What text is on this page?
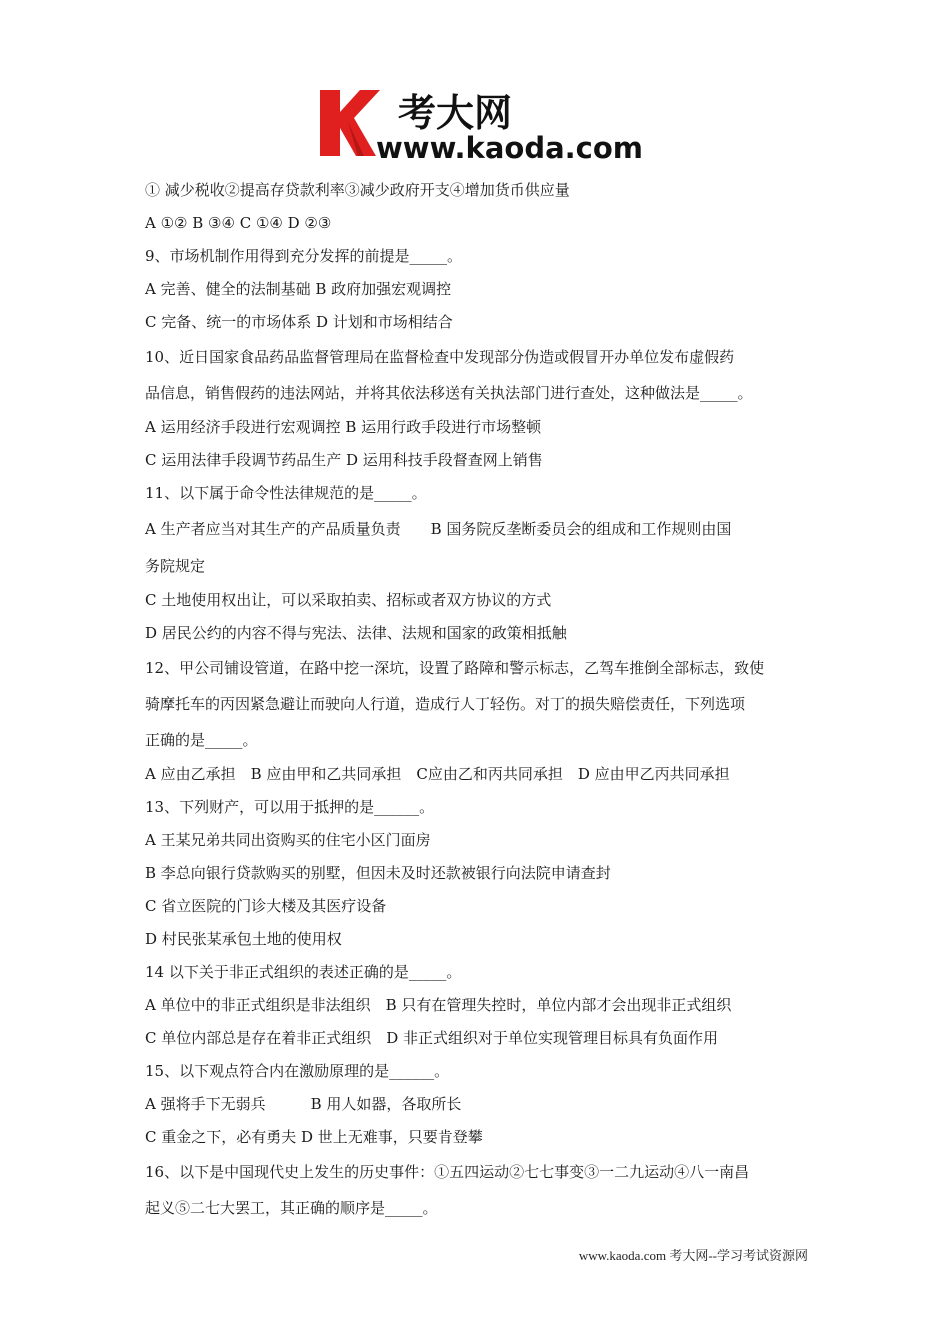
考大网
www.kaoda.com
① 减少税收②提高存贷款利率③减少政府开支④增加货币供应量
A ①② B ③④ C ①④ D ②③
9、市场机制作用得到充分发挥的前提是_____。
A 完善、健全的法制基础 B 政府加强宏观调控
C 完备、统一的市场体系 D 计划和市场相结合
10、近日国家食品药品监督管理局在监督检查中发现部分伪造或假冒开办单位发布虚假药
品信息，销售假药的违法网站，并将其依法移送有关执法部门进行查处，这种做法是_____。
A 运用经济手段进行宏观调控 B 运用行政手段进行市场整顿
C 运用法律手段调节药品生产 D 运用科技手段督查网上销售
11、以下属于命令性法律规范的是_____。
A 生产者应当对其生产的产品质量负责　　B 国务院反垄断委员会的组成和工作规则由国
务院规定
C 土地使用权出让，可以采取拍卖、招标或者双方协议的方式
D 居民公约的内容不得与宪法、法律、法规和国家的政策相抵触
12、甲公司铺设管道，在路中挖一深坑，设置了路障和警示标志，乙驾车推倒全部标志，致使
骑摩托车的丙因紧急避让而驶向人行道，造成行人丁轻伤。对丁的损失赔偿责任，下列选项
正确的是_____。
A 应由乙承担　B 应由甲和乙共同承担　C应由乙和丙共同承担　D 应由甲乙丙共同承担
13、下列财产，可以用于抵押的是______。
A 王某兄弟共同出资购买的住宅小区门面房
B 李总向银行贷款购买的别墅，但因未及时还款被银行向法院申请查封
C 省立医院的门诊大楼及其医疗设备
D 村民张某承包土地的使用权
14 以下关于非正式组织的表述正确的是_____。
A 单位中的非正式组织是非法组织　B 只有在管理失控时，单位内部才会出现非正式组织
C 单位内部总是存在着非正式组织　D 非正式组织对于单位实现管理目标具有负面作用
15、以下观点符合内在激励原理的是______。
A 强将手下无弱兵　　　B 用人如器，各取所长
C 重金之下，必有勇夫 D 世上无难事，只要肯登攀
16、以下是中国现代史上发生的历史事件：①五四运动②七七事变③一二九运动④八一南昌
起义⑤二七大罢工，其正确的顺序是_____。
www.kaoda.com 考大网--学习考试资源网
